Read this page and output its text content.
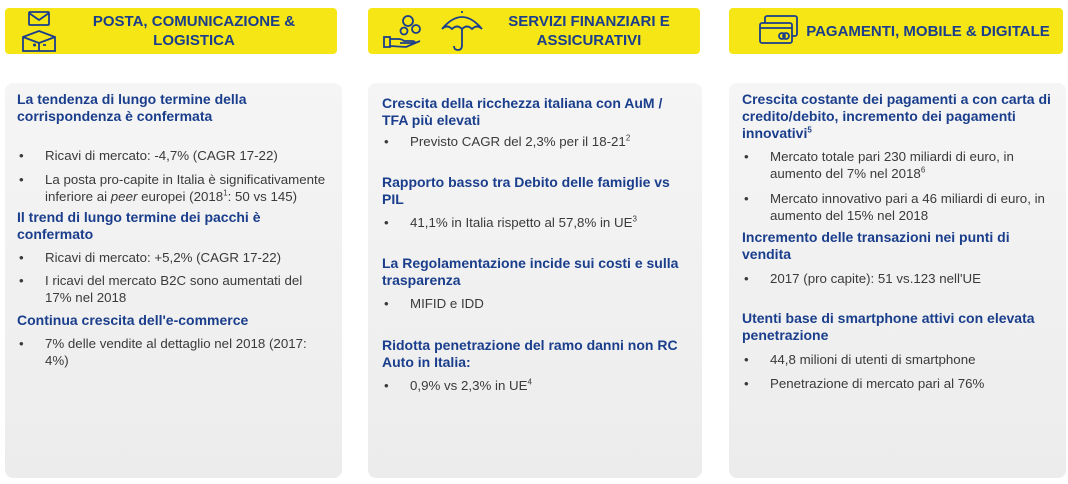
POSTA, COMUNICAZIONE & LOGISTICA
La tendenza di lungo termine della corrispondenza è confermata
• Ricavi di mercato: -4,7% (CAGR 17-22)
• La posta pro-capite in Italia è significativamente inferiore ai peer europei (2018$^1$: 50 vs 145)
Il trend di lungo termine dei pacchi è confermato
• Ricavi di mercato: +5,2% (CAGR 17-22)
• I ricavi del mercato B2C sono aumentati del 17% nel 2018
Continua crescita dell'e-commerce
• 7% delle vendite al dettaglio nel 2018 (2017: 4%)
SERVIZI FINANZIARI E ASSICURATIVI
Crescita della ricchezza italiana con AuM / TFA più elevati
• Previsto CAGR del 2,3% per il $18-21^2$
Rapporto basso tra Debito delle famiglie vs PIL
• 41,1% in Italia rispetto al 57,8% in $UE^3$
La Regolamentazione incide sui costi e sulla trasparenza
• MIFID e IDD
Ridotta penetrazione del ramo danni non RC Auto in Italia:
• 0,9% vs 2,3% in $UE^4$
PAGAMENTI, MOBILE & DIGITALE
Crescita costante dei pagamenti a con carta di credito/debito, incremento dei pagamenti innovativi$^5$
• Mercato totale pari 230 miliardi di euro, in aumento del 7% nel 2018$^6$
• Mercato innovativo pari a 46 miliardi di euro, in aumento del 15% nel 2018
Incremento delle transazioni nei punti di vendita
• 2017 (pro capite): 51 vs.123 nell'UE
Utenti base di smartphone attivi con elevata penetrazione
• 44,8 milioni di utenti di smartphone
• Penetrazione di mercato pari al 76%
